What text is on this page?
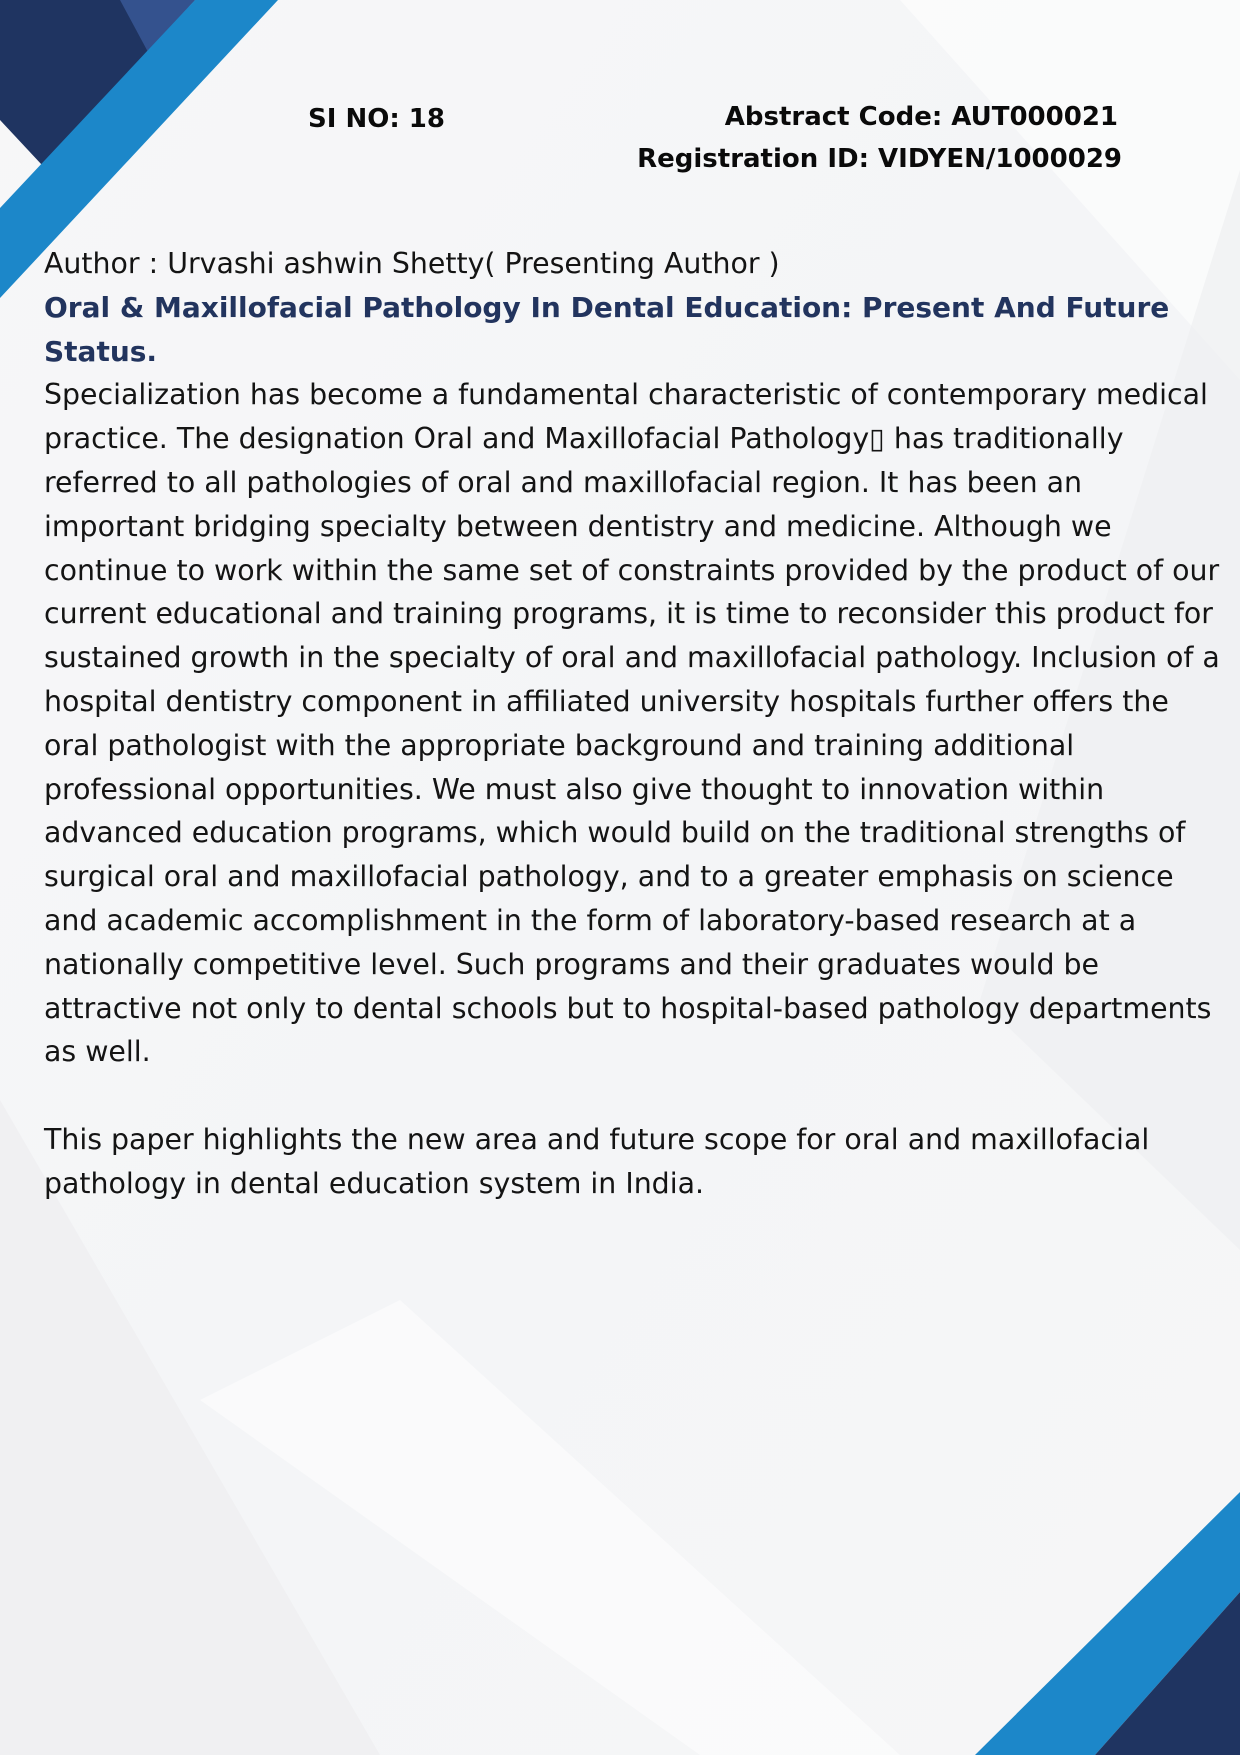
SI NO: 18	Abstract Code: AUT000021
Registration ID: VIDYEN/1000029

Author : Urvashi ashwin Shetty( Presenting Author )

Oral & Maxillofacial Pathology In Dental Education: Present And Future Status.

Specialization has become a fundamental characteristic of contemporary medical practice. The designation Oral and Maxillofacial Pathology▯ has traditionally referred to all pathologies of oral and maxillofacial region. It has been an important bridging specialty between dentistry and medicine. Although we continue to work within the same set of constraints provided by the product of our current educational and training programs, it is time to reconsider this product for sustained growth in the specialty of oral and maxillofacial pathology. Inclusion of a hospital dentistry component in affiliated university hospitals further offers the oral pathologist with the appropriate background and training additional professional opportunities. We must also give thought to innovation within advanced education programs, which would build on the traditional strengths of surgical oral and maxillofacial pathology, and to a greater emphasis on science and academic accomplishment in the form of laboratory-based research at a nationally competitive level. Such programs and their graduates would be attractive not only to dental schools but to hospital-based pathology departments as well.

This paper highlights the new area and future scope for oral and maxillofacial pathology in dental education system in India.
